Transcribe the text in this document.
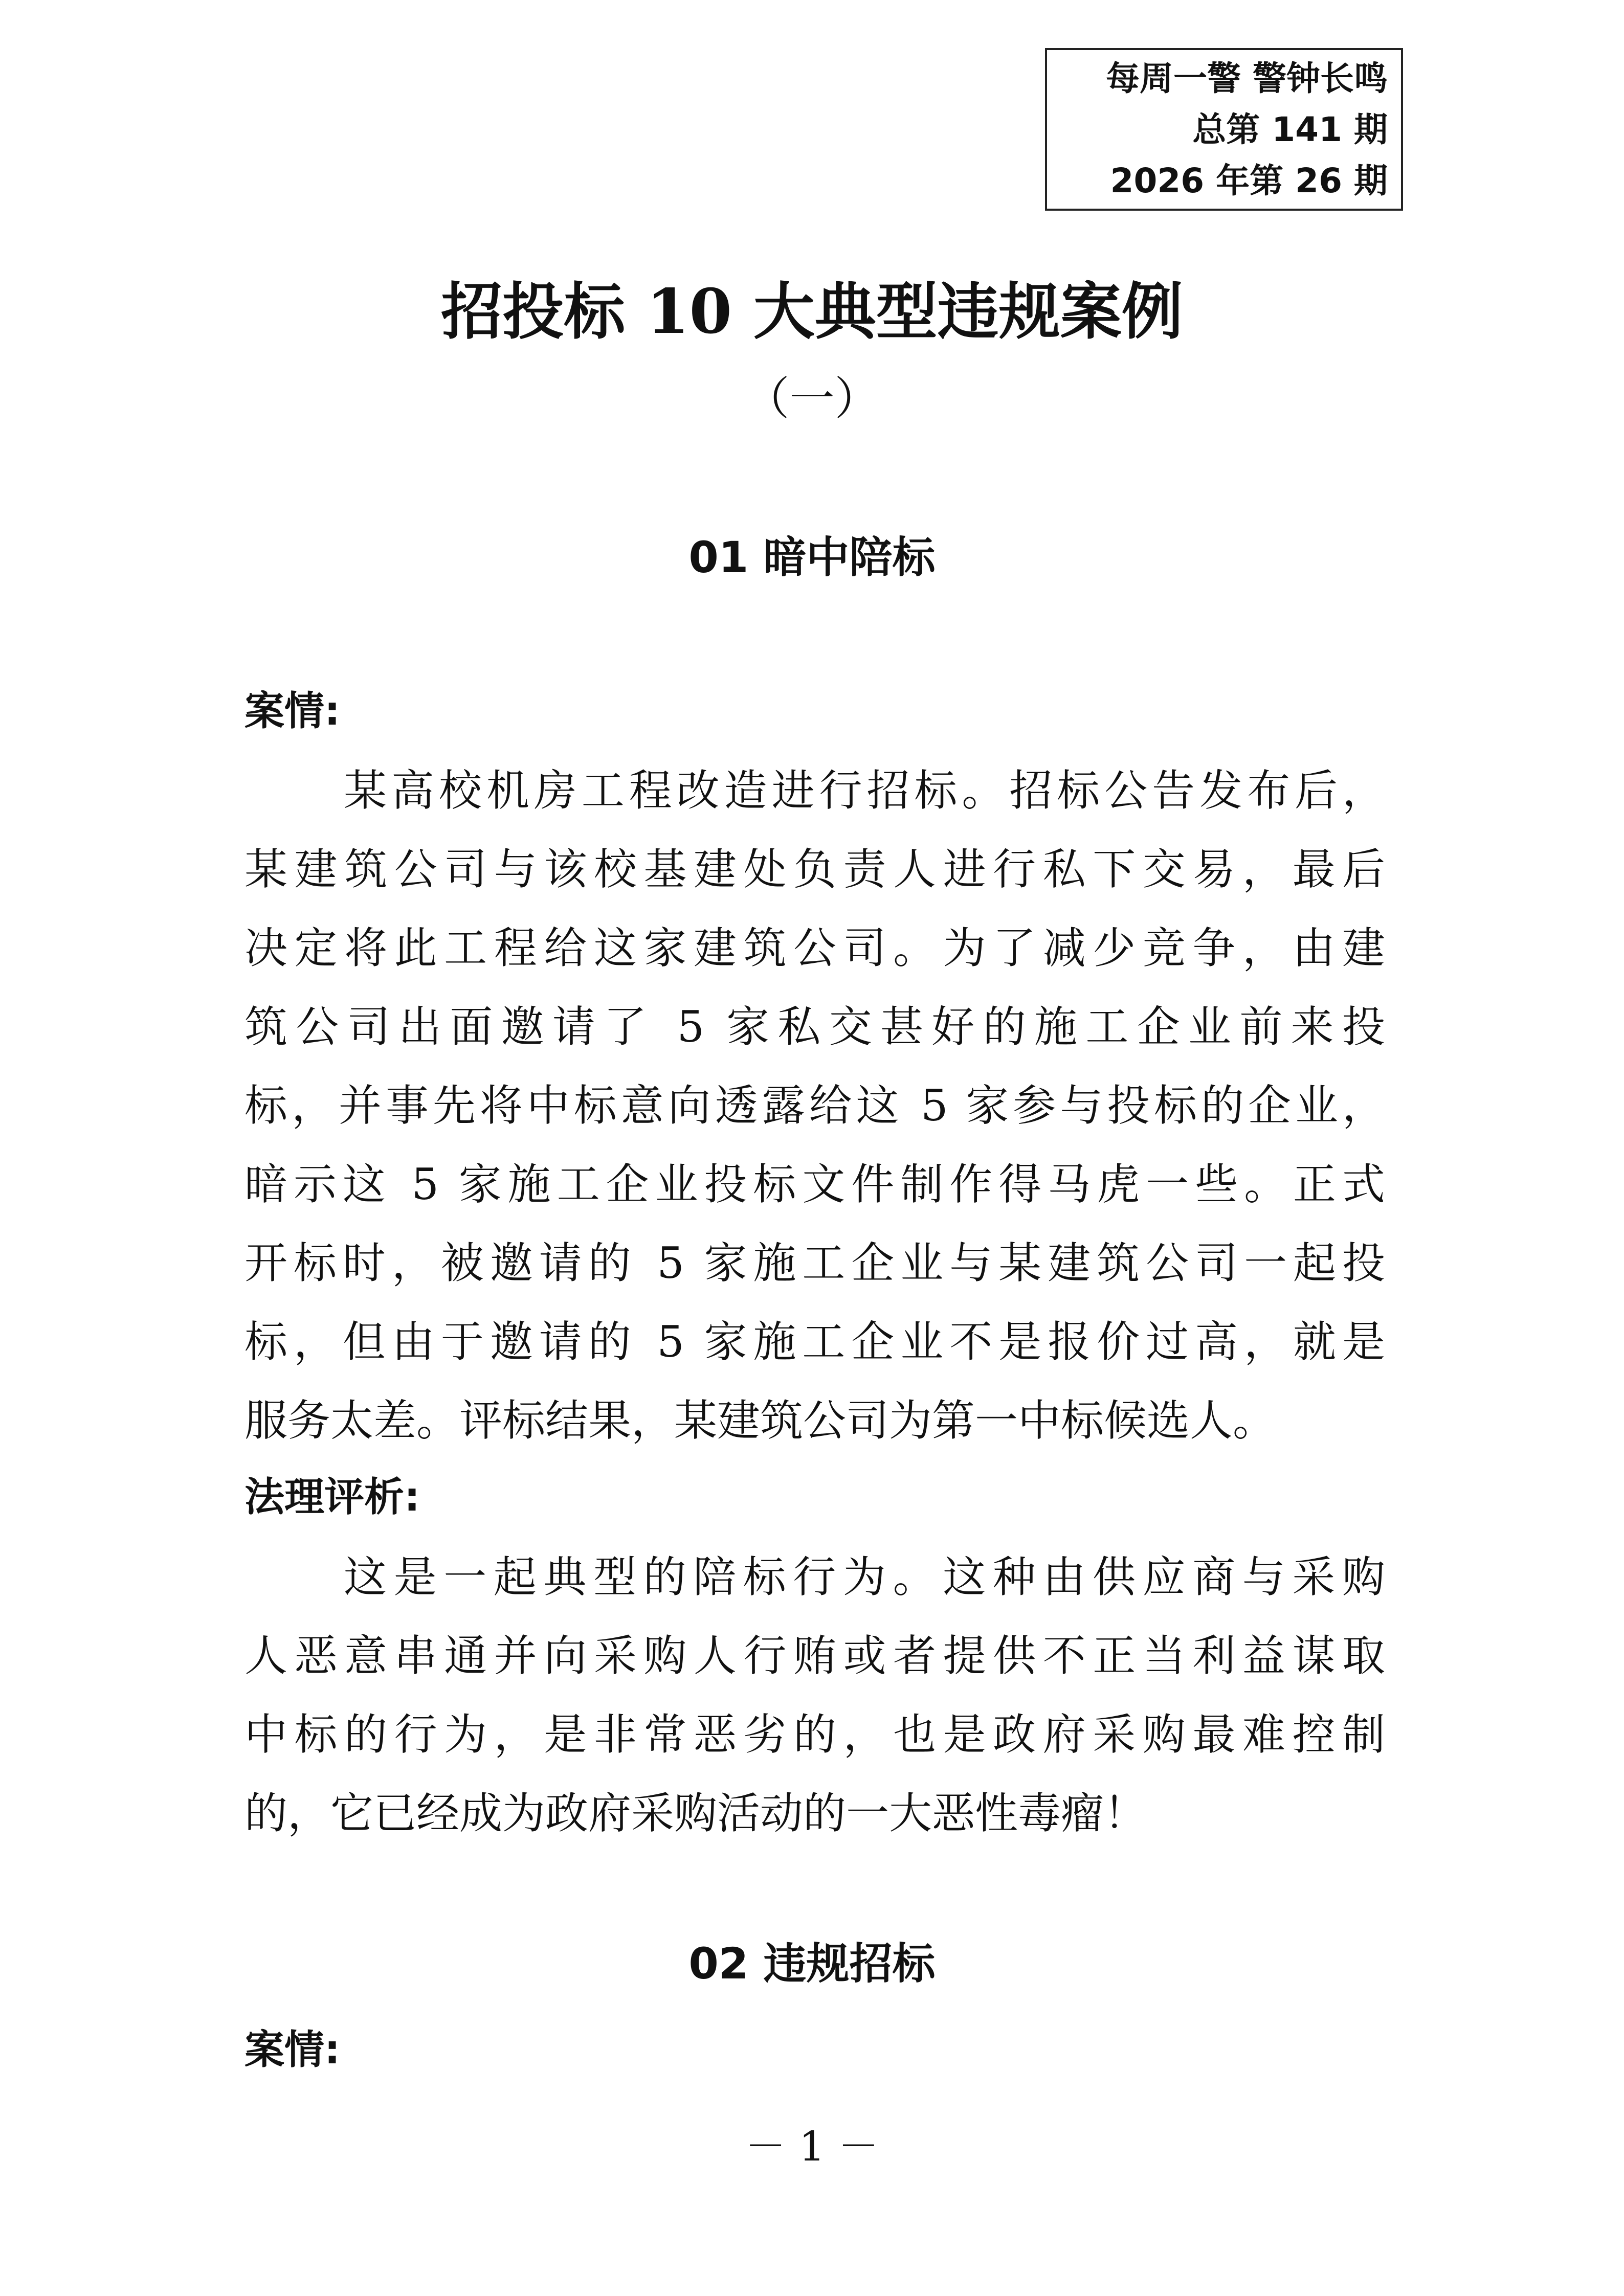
每周一警 警钟长鸣
总第 141 期
2026 年第 26 期
招投标 10 大典型违规案例
（一）
01 暗中陪标
案情:
某高校机房工程改造进行招标。招标公告发布后，
某建筑公司与该校基建处负责人进行私下交易，最后
决定将此工程给这家建筑公司。为了减少竞争，由建
筑公司出面邀请了 5 家私交甚好的施工企业前来投
标，并事先将中标意向透露给这 5 家参与投标的企业，
暗示这 5 家施工企业投标文件制作得马虎一些。正式
开标时，被邀请的 5 家施工企业与某建筑公司一起投
标，但由于邀请的 5 家施工企业不是报价过高，就是
服务太差。评标结果，某建筑公司为第一中标候选人。
法理评析:
这是一起典型的陪标行为。这种由供应商与采购
人恶意串通并向采购人行贿或者提供不正当利益谋取
中标的行为，是非常恶劣的，也是政府采购最难控制
的，它已经成为政府采购活动的一大恶性毒瘤！
02 违规招标
案情:
－ 1 －
